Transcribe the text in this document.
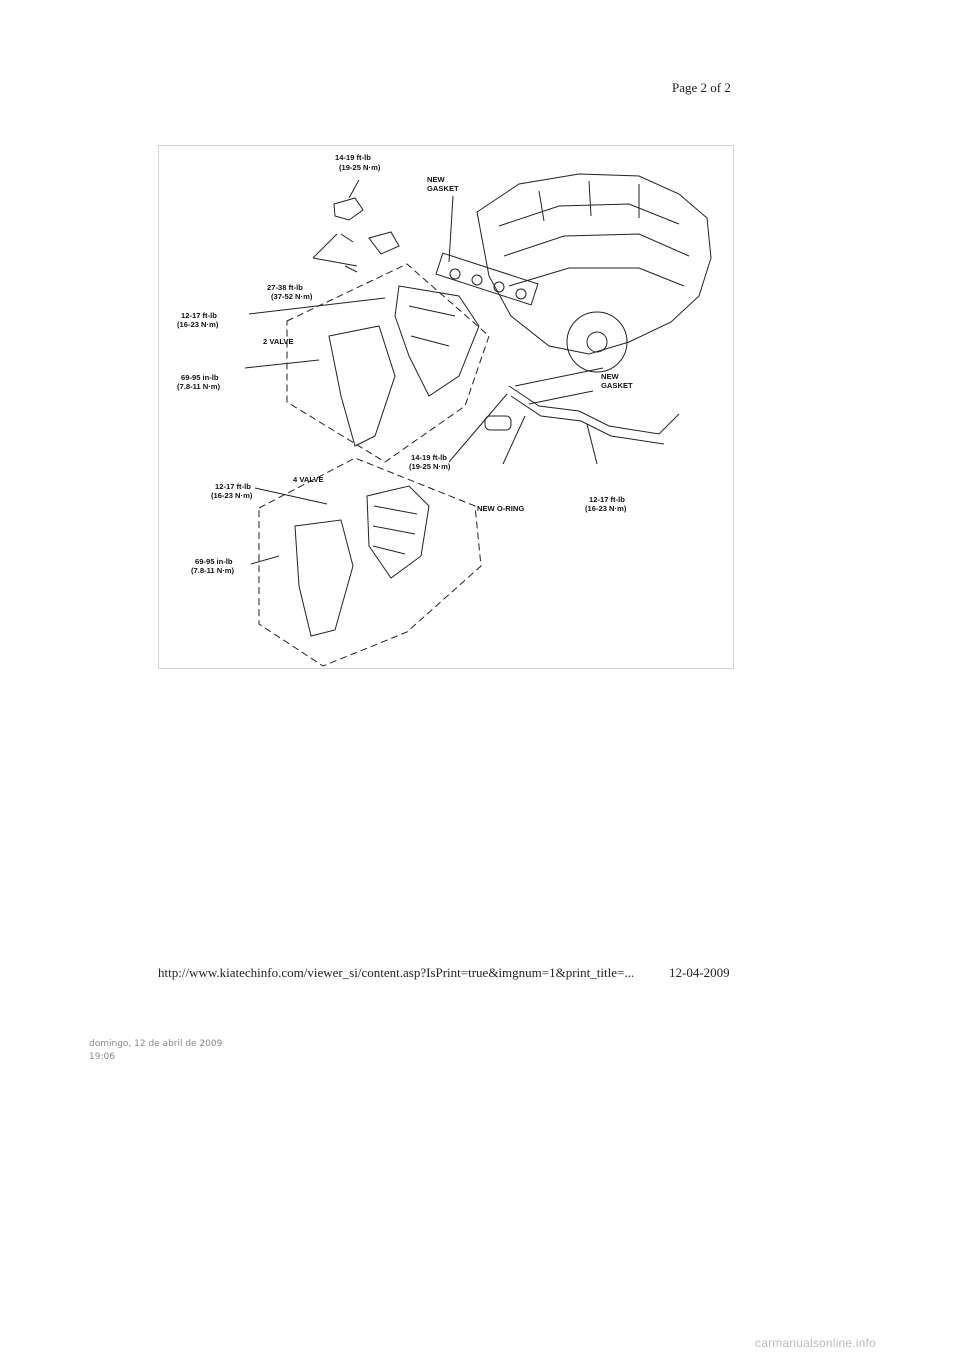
Page 2 of 2
14-19 ft-lb
(19-25 N·m)
NEW
GASKET
27-38 ft-lb
(37-52 N·m)
12-17 ft-lb
(16-23 N·m)
2 VALVE
69-95 in-lb
(7.8-11 N·m)
NEW
GASKET
14-19 ft-lb
(19-25 N·m)
4 VALVE
12-17 ft-lb
(16-23 N·m)
NEW O-RING
12-17 ft-lb
(16-23 N·m)
69-95 in-lb
(7.8-11 N·m)
http://www.kiatechinfo.com/viewer_si/content.asp?IsPrint=true&imgnum=1&print_title=...	12-04-2009
domingo, 12 de abril de 2009
19:06
carmanualsonline.info
